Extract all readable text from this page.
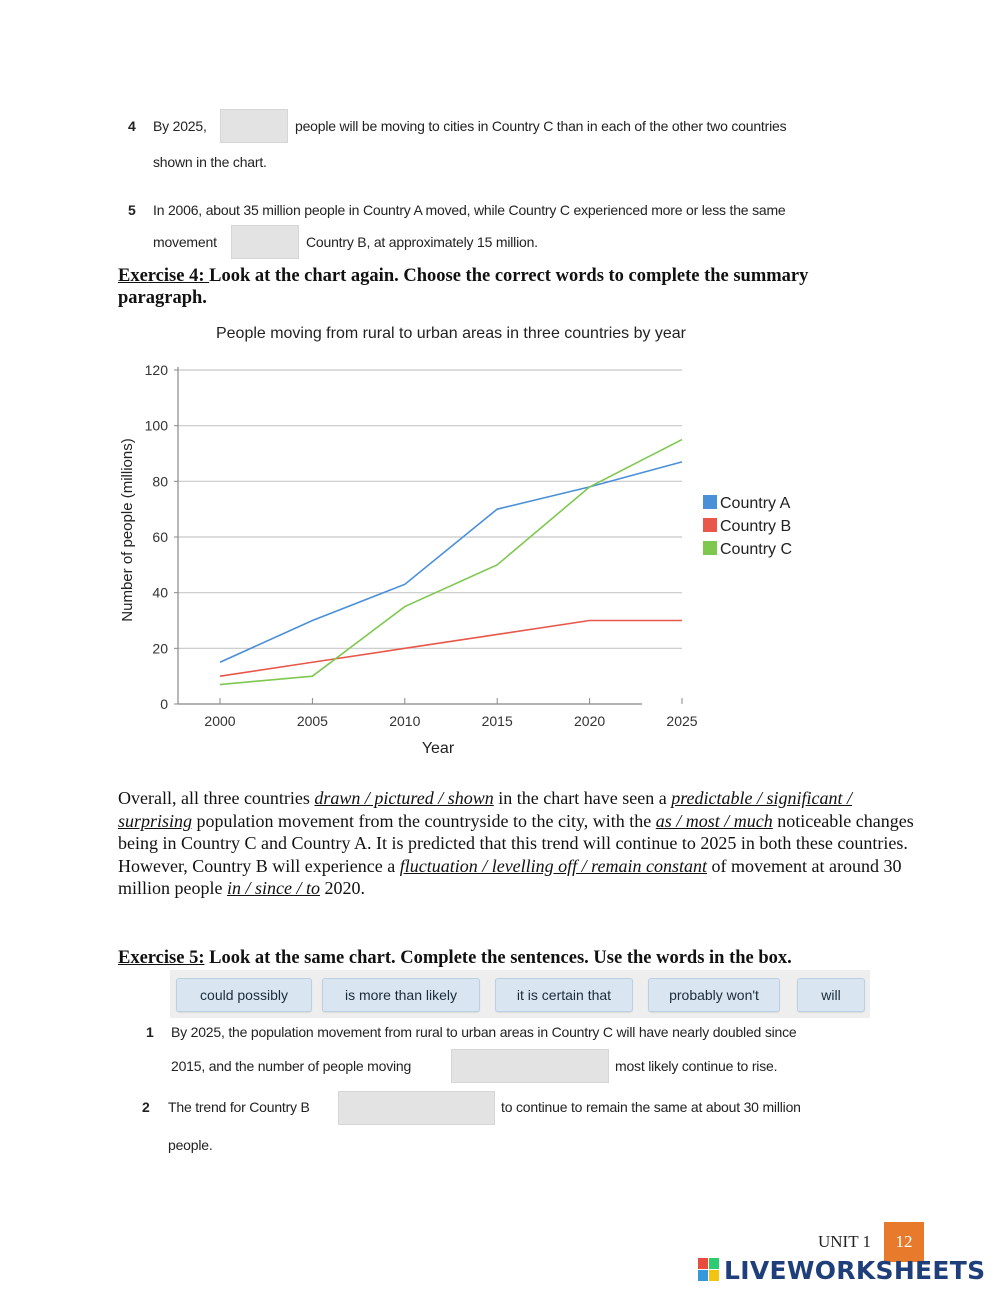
4 By 2025,	people will be moving to cities in Country C than in each of the other two countries
shown in the chart.
5 In 2006, about 35 million people in Country A moved, while Country C experienced more or less the same
movement	Country B, at approximately 15 million.
Exercise 4: Look at the chart again. Choose the correct words to complete the summary paragraph.
People moving from rural to urban areas in three countries by year
0
20
40
60
80
100
120
2000	2005	2010	2015	2020	2025
Country A
Country B
Country C
Year
Number of people (millions)
Overall, all three countries drawn / pictured / shown in the chart have seen a predictable / significant / surprising population movement from the countryside to the city, with the as / most / much noticeable changes being in Country C and Country A. It is predicted that this trend will continue to 2025 in both these countries. However, Country B will experience a fluctuation / levelling off / remain constant of movement at around 30 million people in / since / to 2020.
Exercise 5: Look at the same chart. Complete the sentences. Use the words in the box.
could possibly	is more than likely	it is certain that	probably won't	will
1 By 2025, the population movement from rural to urban areas in Country C will have nearly doubled since
2015, and the number of people moving	most likely continue to rise.
2 The trend for Country B	to continue to remain the same at about 30 million
people.
UNIT 1	12
LIVEWORKSHEETS
